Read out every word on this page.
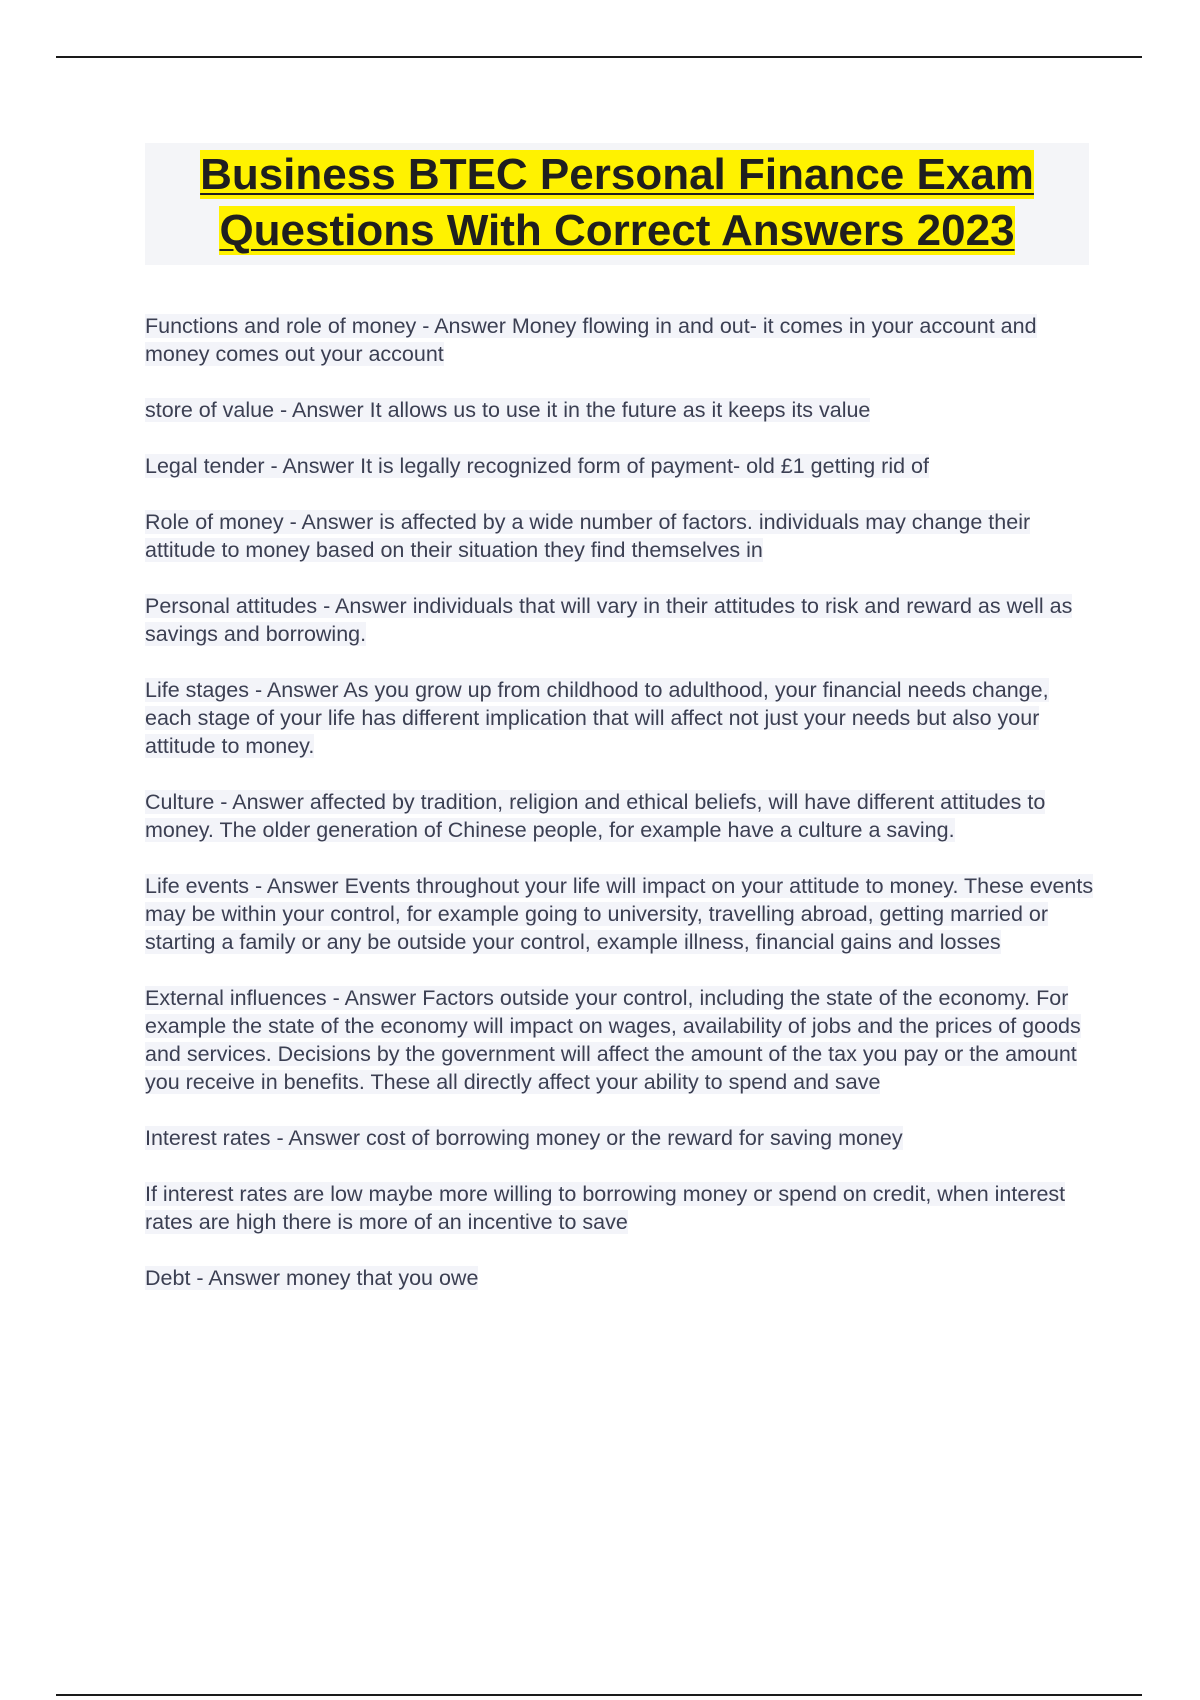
Business BTEC Personal Finance Exam
Questions With Correct Answers 2023
Functions and role of money - Answer Money flowing in and out- it comes in your account and money comes out your account
store of value - Answer It allows us to use it in the future as it keeps its value
Legal tender - Answer It is legally recognized form of payment- old £1 getting rid of
Role of money - Answer is affected by a wide number of factors. individuals may change their attitude to money based on their situation they find themselves in
Personal attitudes - Answer individuals that will vary in their attitudes to risk and reward as well as savings and borrowing.
Life stages - Answer As you grow up from childhood to adulthood, your financial needs change, each stage of your life has different implication that will affect not just your needs but also your attitude to money.
Culture - Answer affected by tradition, religion and ethical beliefs, will have different attitudes to money. The older generation of Chinese people, for example have a culture a saving.
Life events - Answer Events throughout your life will impact on your attitude to money. These events may be within your control, for example going to university, travelling abroad, getting married or starting a family or any be outside your control, example illness, financial gains and losses
External influences - Answer Factors outside your control, including the state of the economy. For example the state of the economy will impact on wages, availability of jobs and the prices of goods and services. Decisions by the government will affect the amount of the tax you pay or the amount you receive in benefits. These all directly affect your ability to spend and save
Interest rates - Answer cost of borrowing money or the reward for saving money
If interest rates are low maybe more willing to borrowing money or spend on credit, when interest rates are high there is more of an incentive to save
Debt - Answer money that you owe
